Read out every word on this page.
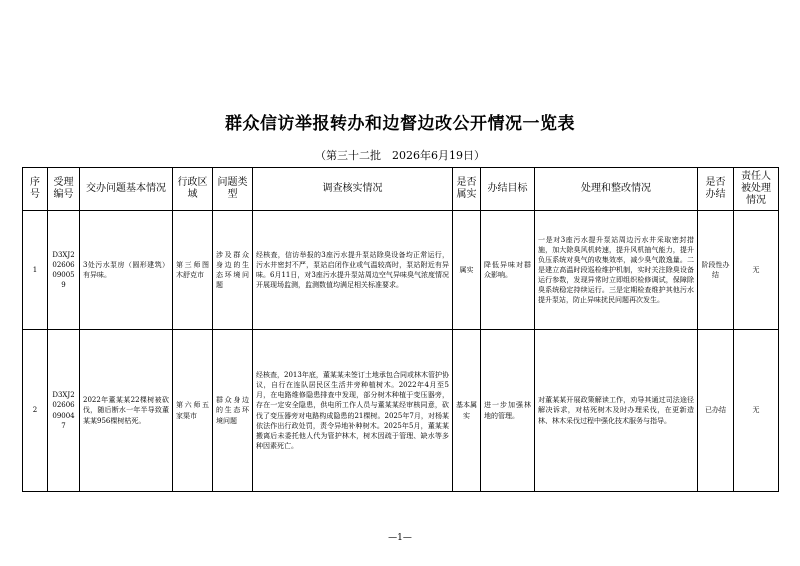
群众信访举报转办和边督边改公开情况一览表
（第三十二批　2026年6月19日）
序号	受理编号	交办问题基本情况	行政区域	问题类型	调查核实情况	是否属实	办结目标	处理和整改情况	是否办结	责任人被处理情况
1	D3XJ202606090059	3处污水泵房（圆形建筑）有异味。	第三师图木舒克市	涉及群众身边的生态环境问题	经核查，信访举报的3座污水提升泵站除臭设备均正常运行，污水井密封不严，泵站启闭作业或气温较高时，泵站附近有异味。6月11日，对3座污水提升泵站周边空气异味臭气浓度情况开展现场监测，监测数值均满足相关标准要求。	属实	降低异味对群众影响。	一是对3座污水提升泵站周边污水井采取密封措施，加大除臭风机转速，提升风机抽气能力，提升负压系统对臭气的收集效率，减少臭气散逸量。二是建立高温时段巡检维护机制，实时关注除臭设备运行参数，发现异常时立即组织检修调试，保障除臭系统稳定持续运行。三是定期检查维护其他污水提升泵站，防止异味扰民问题再次发生。	阶段性办结	无
2	D3XJ202606090047	2022年董某某22棵树被砍伐，随后断水一年半导致董某某956棵树枯死。	第六师五家渠市	群众身边的生态环境问题	经核查，2013年底，董某某未签订土地承包合同或林木管护协议，自行在连队居民区生活井旁种植树木。2022年4月至5月，在电路维修隐患排查中发现，部分树木种植于变压器旁，存在一定安全隐患，供电所工作人员与董某某经审核同意，砍伐了变压器旁对电路构成隐患的21棵树。2025年7月，对杨某依法作出行政处罚，责令异地补种树木。2025年5月，董某某搬离后未委托他人代为管护林木，树木因疏于管理、缺水等多种因素死亡。	基本属实	进一步加强林地的管理。	对董某某开展政策解读工作，劝导其通过司法途径解决诉求，对枯死树木及时办理采伐，在更新造林、林木采伐过程中强化技术服务与指导。	已办结	无
—1—
